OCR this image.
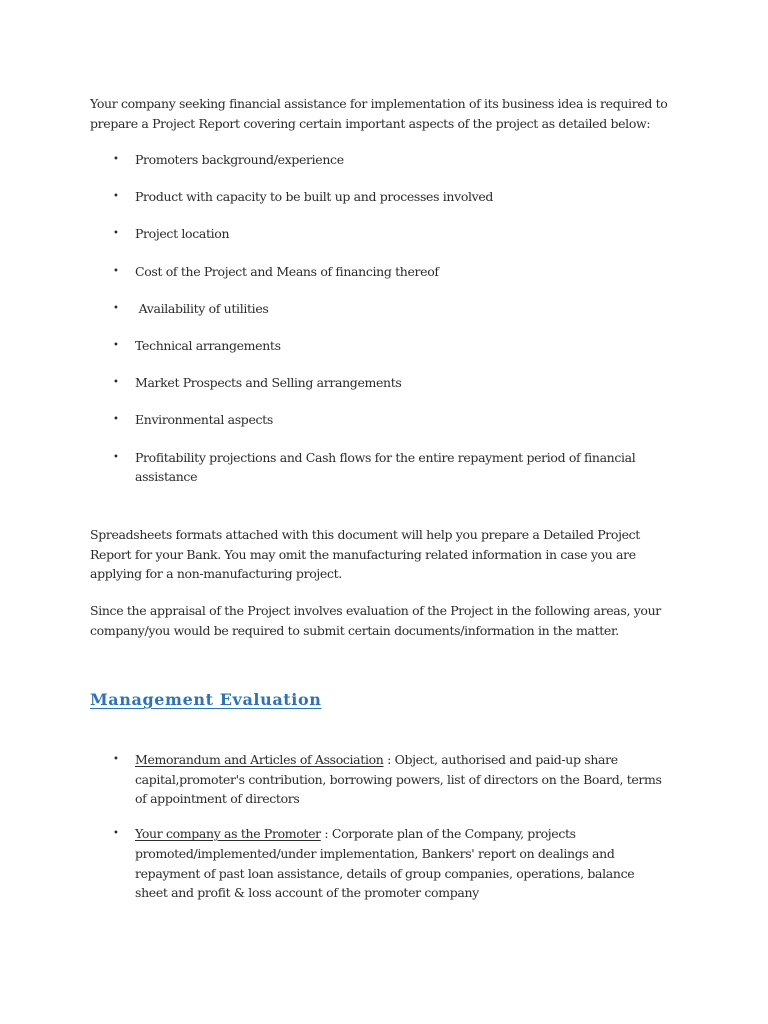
Your company seeking financial assistance for implementation of its business idea is required to prepare a Project Report covering certain important aspects of the project as detailed below:

• Promoters background/experience
• Product with capacity to be built up and processes involved
• Project location
• Cost of the Project and Means of financing thereof
• Availability of utilities
• Technical arrangements
• Market Prospects and Selling arrangements
• Environmental aspects
• Profitability projections and Cash flows for the entire repayment period of financial assistance

Spreadsheets formats attached with this document will help you prepare a Detailed Project Report for your Bank. You may omit the manufacturing related information in case you are applying for a non-manufacturing project.

Since the appraisal of the Project involves evaluation of the Project in the following areas, your company/you would be required to submit certain documents/information in the matter.

Management Evaluation
• Memorandum and Articles of Association : Object, authorised and paid-up share capital,promoter's contribution, borrowing powers, list of directors on the Board, terms of appointment of directors
• Your company as the Promoter : Corporate plan of the Company, projects promoted/implemented/under implementation, Bankers' report on dealings and repayment of past loan assistance, details of group companies, operations, balance sheet and profit & loss account of the promoter company
